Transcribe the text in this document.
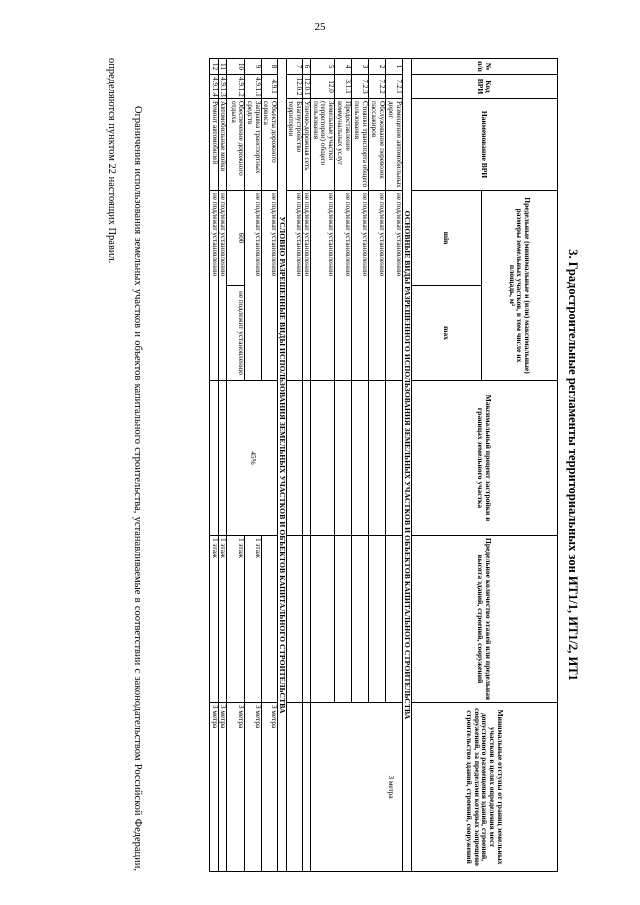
25
3. Градостроительные регламенты территориальных зон ИТ1/1, ИТ1/2, ИТ1
№ п/п	Код ВРИ	Наименование ВРИ	Предельные (минимальные и (или) максимальные) размеры земельных участков, в том числе их площадь, м²		Максимальный процент застройки в границах земельного участка	Предельное количество этажей или предельная высота зданий, строений, сооружений	Минимальные отступы от границ земельных участков в целях определения мест допустимого размещения зданий, строений, сооружений, за пределами которых запрещено строительство зданий, строений, сооружений
			min	max			
ОСНОВНЫЕ ВИДЫ РАЗРЕШЕННОГО ИСПОЛЬЗОВАНИЯ ЗЕМЕЛЬНЫХ УЧАСТКОВ И ОБЪЕКТОВ КАПИТАЛЬНОГО СТРОИТЕЛЬСТВА							
1	7.2.1	Размещение автомобильных дорог	не подлежат установлению				3 метра
2	7.2.2	Обслуживание перевозок пассажиров	не подлежат установлению				
3	7.2.3	Стоянки транспорта общего пользования	не подлежат установлению				
4	3.1.1	Предоставление коммунальных услуг	не подлежат установлению				
5	12.0	Земельные участки (территории) общего пользования	не подлежат установлению				
6	12.0.1	Улично-дорожная сеть	не подлежат установлению				
7	12.0.2	Благоустройство территории	не подлежат установлению				
УСЛОВНО РАЗРЕШЕННЫЕ ВИДЫ ИСПОЛЬЗОВАНИЯ ЗЕМЕЛЬНЫХ УЧАСТКОВ И ОБЪЕКТОВ КАПИТАЛЬНОГО СТРОИТЕЛЬСТВА							
8	4.9.1	Объекты дорожного сервиса	не подлежат установлению		45%		3 метра
9	4.9.1.1	Заправка транспортных средств	не подлежат установлению			1 этаж	3 метра
10	4.9.1.2	Обеспечение дорожного отдыха	600	не подлежит установлению		1 этаж	3 метра
11	4.9.1.3	Автомобильные мойки	не подлежат установлению			1 этаж	3 метра
12	4.9.1.4	Ремонт автомобилей	не подлежат установлению			1 этаж	3 метра
Ограничения использования земельных участков и объектов капитального строительства, устанавливаемые в соответствии с законодательством Российской Федерации, определяются пунктом 22 настоящих Правил.
